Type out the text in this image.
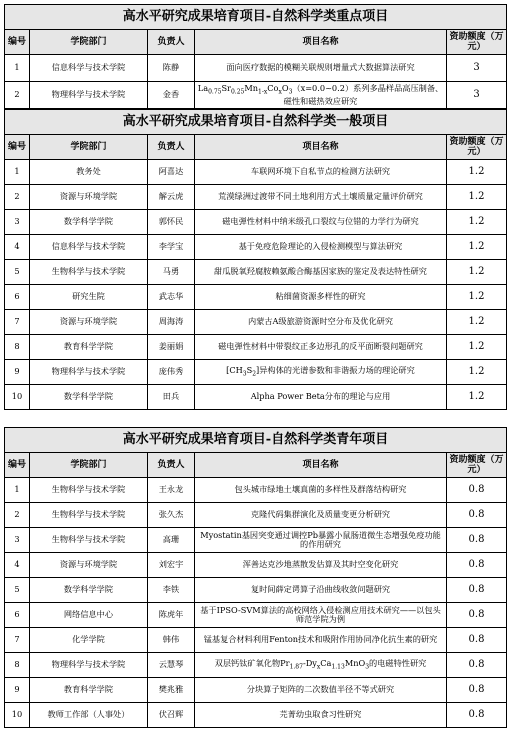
高水平研究成果培育项目-自然科学类重点项目				
编号	学院部门	负责人	项目名称	资助额度（万元）
1	信息科学与技术学院	陈静	面向医疗数据的模糊关联规则增量式大数据算法研究	3
2	物理科学与技术学院	金香	$La_{0.75}Sr_{0.25}Mn_{1-x}Co_xO_3(x=0.0\sim 0.2)$系列多晶样品高压制备、磁性和磁热效应研究	3
高水平研究成果培育项目-自然科学类一般项目				
编号	学院部门	负责人	项目名称	资助额度（万元）
1	教务处	阿喜达	车联网环境下自私节点的检测方法研究	1.2
2	资源与环境学院	解云虎	荒漠绿洲过渡带不同土地利用方式土壤质量定量评价研究	1.2
3	数学科学学院	郭怀民	磁电弹性材料中纳米级孔口裂纹与位错的力学行为研究	1.2
4	信息科学与技术学院	李学宝	基于免疫危险理论的入侵检测模型与算法研究	1.2
5	生物科学与技术学院	马勇	甜瓜脱氧羟腐胺赖氨酸合酶基因家族的鉴定及表达特性研究	1.2
6	研究生院	武志华	粘细菌资源多样性的研究	1.2
7	资源与环境学院	周海涛	内蒙古A级旅游资源时空分布及优化研究	1.2
8	教育科学学院	姜丽娟	磁电弹性材料中带裂纹正多边形孔的反平面断裂问题研究	1.2
9	物理科学与技术学院	庞伟秀	$[CH_3S_2]$异构体的光谱参数和非谐振力场的理论研究	1.2
10	数学科学学院	田兵	Alpha Power Beta分布的理论与应用	1.2

高水平研究成果培育项目-自然科学类青年项目				
编号	学院部门	负责人	项目名称	资助额度（万元）
1	生物科学与技术学院	王永龙	包头城市绿地土壤真菌的多样性及群落结构研究	0.8
2	生物科学与技术学院	张久杰	克隆代码集群演化及质量变更分析研究	0.8
3	生物科学与技术学院	高珊	Myostatin基因突变通过调控Pb暴露小鼠肠道微生态增强免疫功能的作用研究	0.8
4	资源与环境学院	刘宏宇	浑善达克沙地蒸散发估算及其时空变化研究	0.8
5	数学科学学院	李铁	复时间薛定谔算子沿曲线收敛问题研究	0.8
6	网络信息中心	陈虎年	基于IPSO-SVM算法的高校网络入侵检测应用技术研究——以包头师范学院为例	0.8
7	化学学院	韩伟	锰基复合材料利用Fenton技术和吸附作用协同净化抗生素的研究	0.8
8	物理科学与技术学院	云慧琴	双层钙钛矿氧化物$Pr_{1.87}-Dy_xCa_{1.13}MnO_3$的电磁特性研究	0.8
9	教育科学学院	樊兆雅	分块算子矩阵的二次数值半径不等式研究	0.8
10	教师工作部（人事处）	伏召辉	芫菁幼虫取食习性研究	0.8
